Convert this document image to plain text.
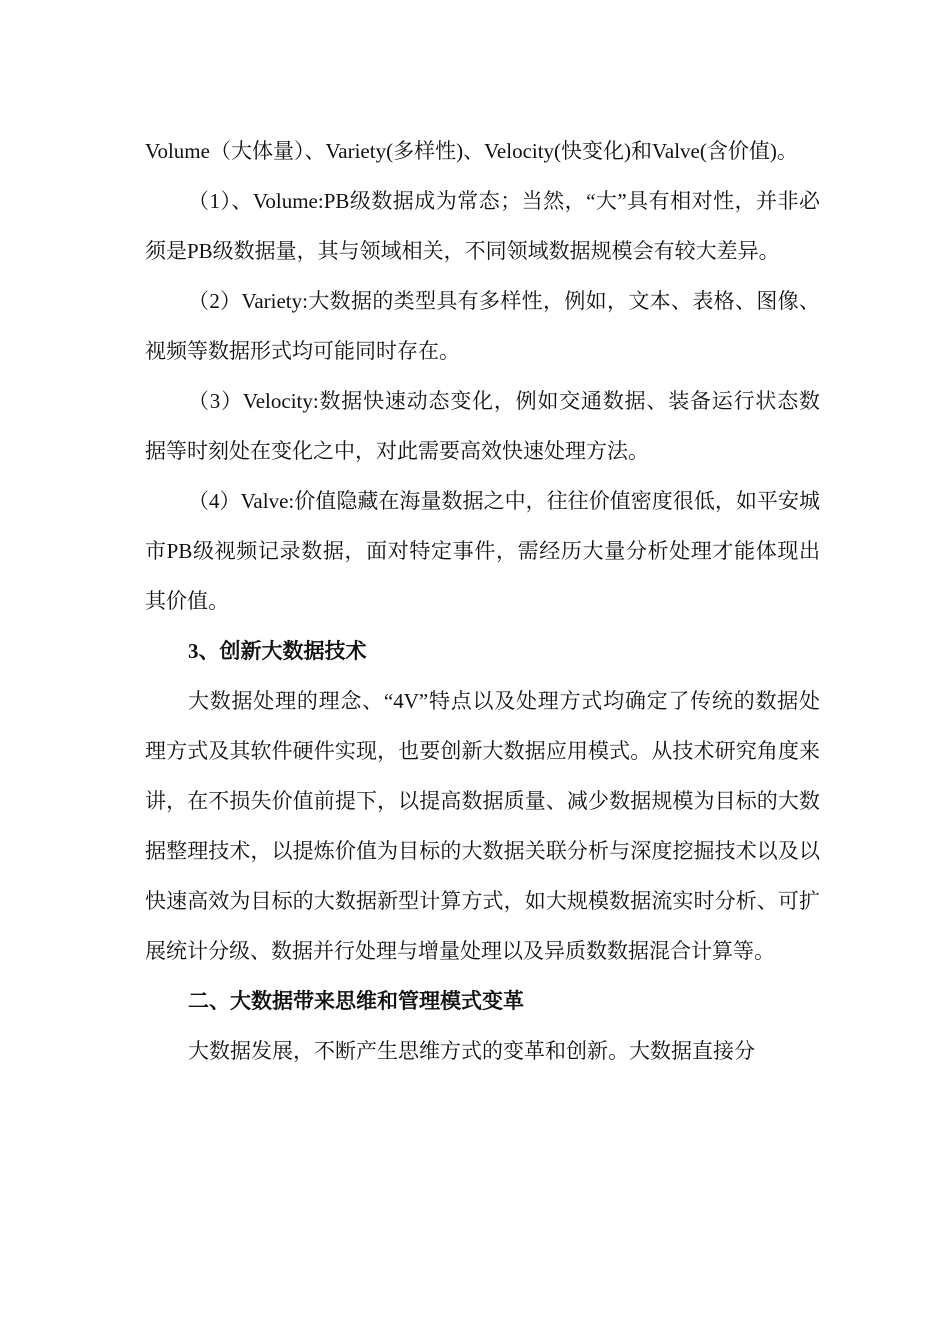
Volume（大体量）、Variety(多样性)、Velocity(快变化)和Valve(含价值)。

（1）、Volume:PB级数据成为常态；当然，“大”具有相对性，并非必须是PB级数据量，其与领域相关，不同领域数据规模会有较大差异。

（2）Variety:大数据的类型具有多样性，例如，文本、表格、图像、视频等数据形式均可能同时存在。

（3）Velocity:数据快速动态变化，例如交通数据、装备运行状态数据等时刻处在变化之中，对此需要高效快速处理方法。

（4）Valve:价值隐藏在海量数据之中，往往价值密度很低，如平安城市PB级视频记录数据，面对特定事件，需经历大量分析处理才能体现出其价值。

3、创新大数据技术

大数据处理的理念、“4V”特点以及处理方式均确定了传统的数据处理方式及其软件硬件实现，也要创新大数据应用模式。从技术研究角度来讲，在不损失价值前提下，以提高数据质量、减少数据规模为目标的大数据整理技术，以提炼价值为目标的大数据关联分析与深度挖掘技术以及以快速高效为目标的大数据新型计算方式，如大规模数据流实时分析、可扩展统计分级、数据并行处理与增量处理以及异质数数据混合计算等。

二、大数据带来思维和管理模式变革

大数据发展，不断产生思维方式的变革和创新。大数据直接分
